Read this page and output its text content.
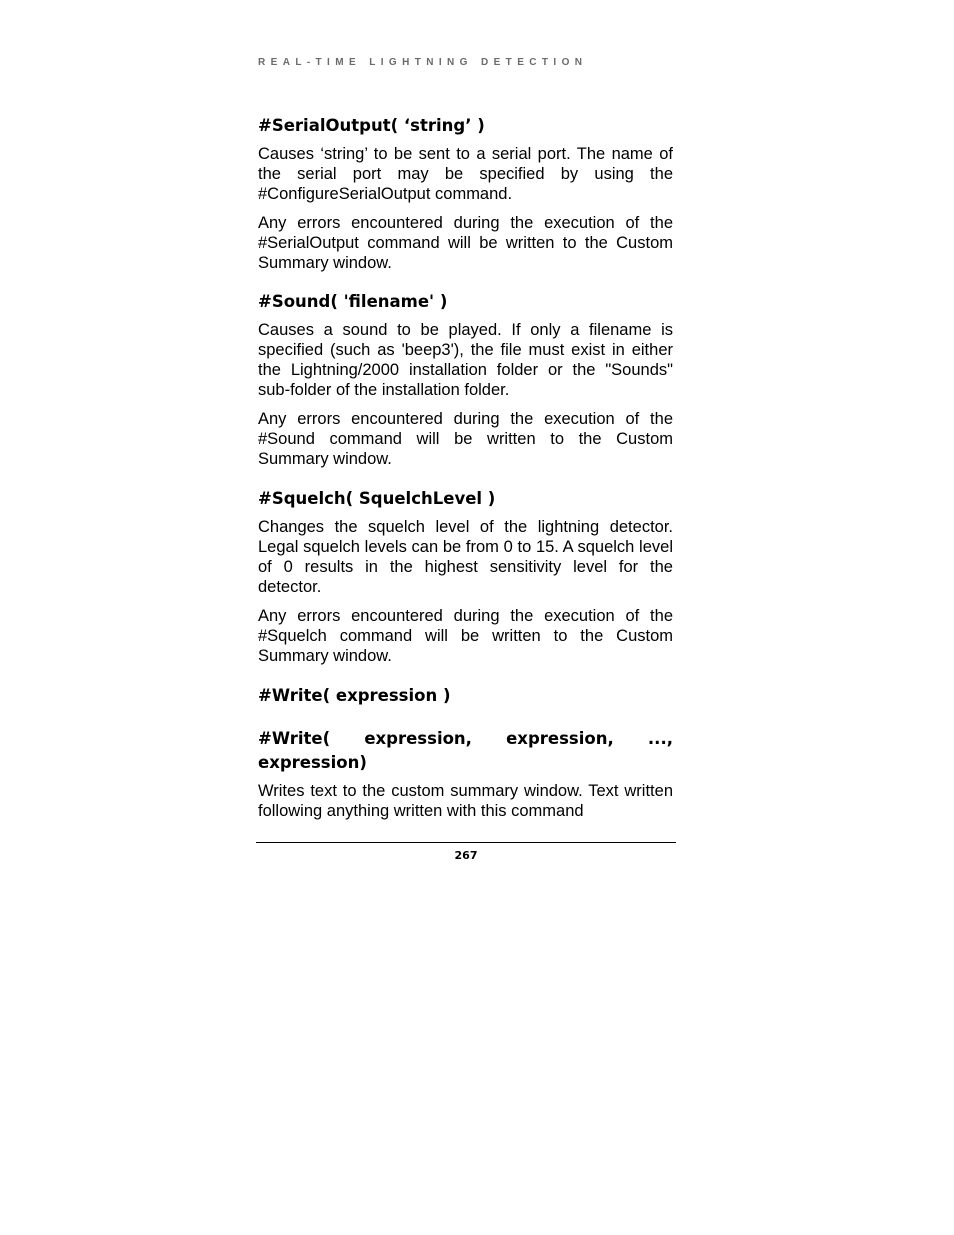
REAL-TIME LIGHTNING DETECTION
#SerialOutput( ‘string’ )

Causes ‘string’ to be sent to a serial port. The name of the serial port may be specified by using the #ConfigureSerialOutput command.

Any errors encountered during the execution of the #SerialOutput command will be written to the Custom Summary window.

#Sound( 'filename' )

Causes a sound to be played. If only a filename is specified (such as 'beep3'), the file must exist in either the Lightning/2000 installation folder or the "Sounds" sub-folder of the installation folder.

Any errors encountered during the execution of the #Sound command will be written to the Custom Summary window.

#Squelch( SquelchLevel )

Changes the squelch level of the lightning detector. Legal squelch levels can be from 0 to 15. A squelch level of 0 results in the highest sensitivity level for the detector.

Any errors encountered during the execution of the #Squelch command will be written to the Custom Summary window.

#Write( expression )
#Write( expression, expression, ..., expression)

Writes text to the custom summary window. Text written following anything written with this command

267
